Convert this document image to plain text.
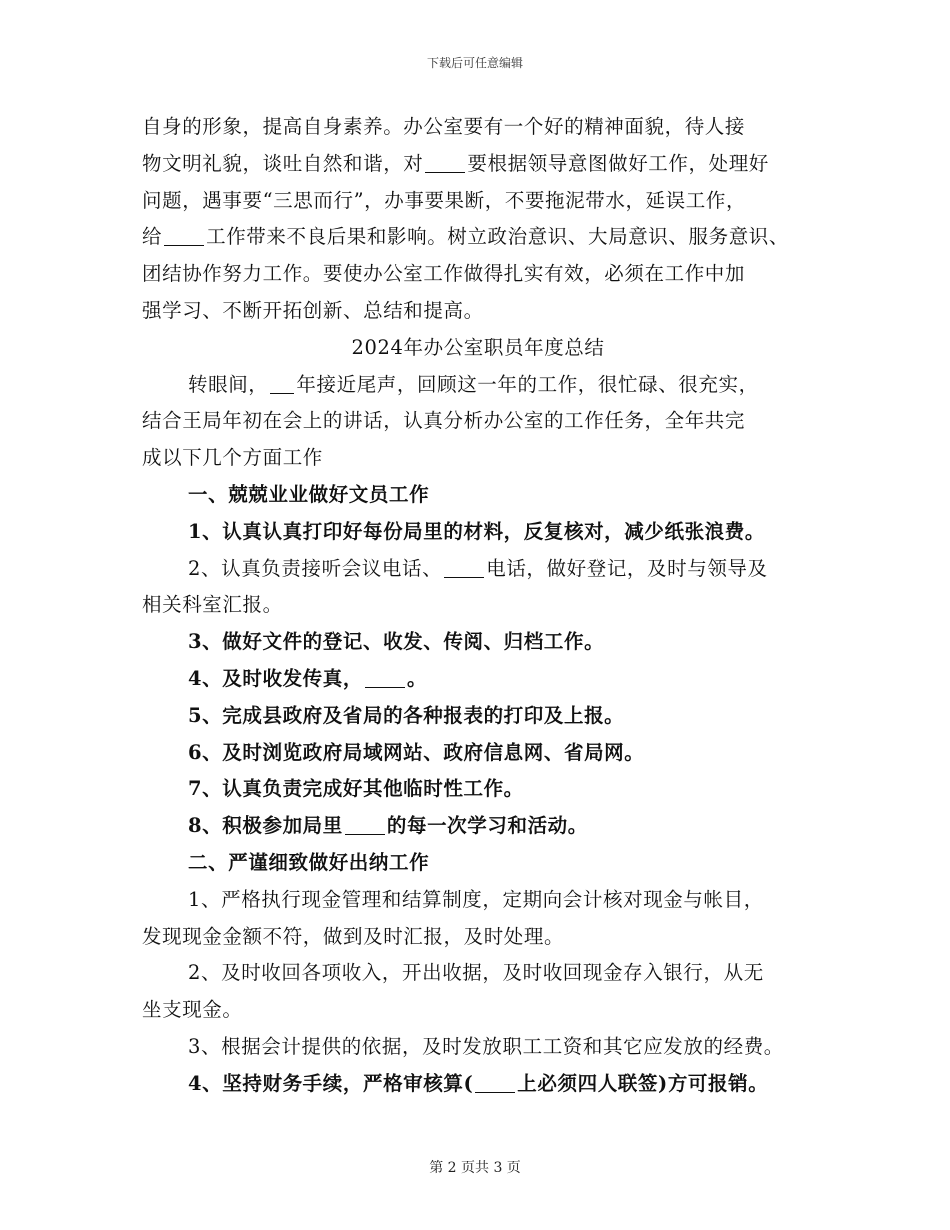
下载后可任意编辑
自身的形象，提高自身素养。办公室要有一个好的精神面貌，待人接
物文明礼貌，谈吐自然和谐，对 要根据领导意图做好工作，处理好
问题，遇事要“三思而行”，办事要果断，不要拖泥带水，延误工作，
给 工作带来不良后果和影响。树立政治意识、大局意识、服务意识、
团结协作努力工作。要使办公室工作做得扎实有效，必须在工作中加
强学习、不断开拓创新、总结和提高。
2024年办公室职员年度总结
转眼间， 年接近尾声，回顾这一年的工作，很忙碌、很充实，
结合王局年初在会上的讲话，认真分析办公室的工作任务，全年共完
成以下几个方面工作
一、兢兢业业做好文员工作
1、认真认真打印好每份局里的材料，反复核对，减少纸张浪费。
2、认真负责接听会议电话、 电话，做好登记，及时与领导及
相关科室汇报。
3、做好文件的登记、收发、传阅、归档工作。
4、及时收发传真， 。
5、完成县政府及省局的各种报表的打印及上报。
6、及时浏览政府局域网站、政府信息网、省局网。
7、认真负责完成好其他临时性工作。
8、积极参加局里 的每一次学习和活动。
二、严谨细致做好出纳工作
1、严格执行现金管理和结算制度，定期向会计核对现金与帐目，
发现现金金额不符，做到及时汇报，及时处理。
2、及时收回各项收入，开出收据，及时收回现金存入银行，从无
坐支现金。
3、根据会计提供的依据，及时发放职工工资和其它应发放的经费。
4、坚持财务手续，严格审核算( 上必须四人联签)方可报销。
第 2 页共 3 页
